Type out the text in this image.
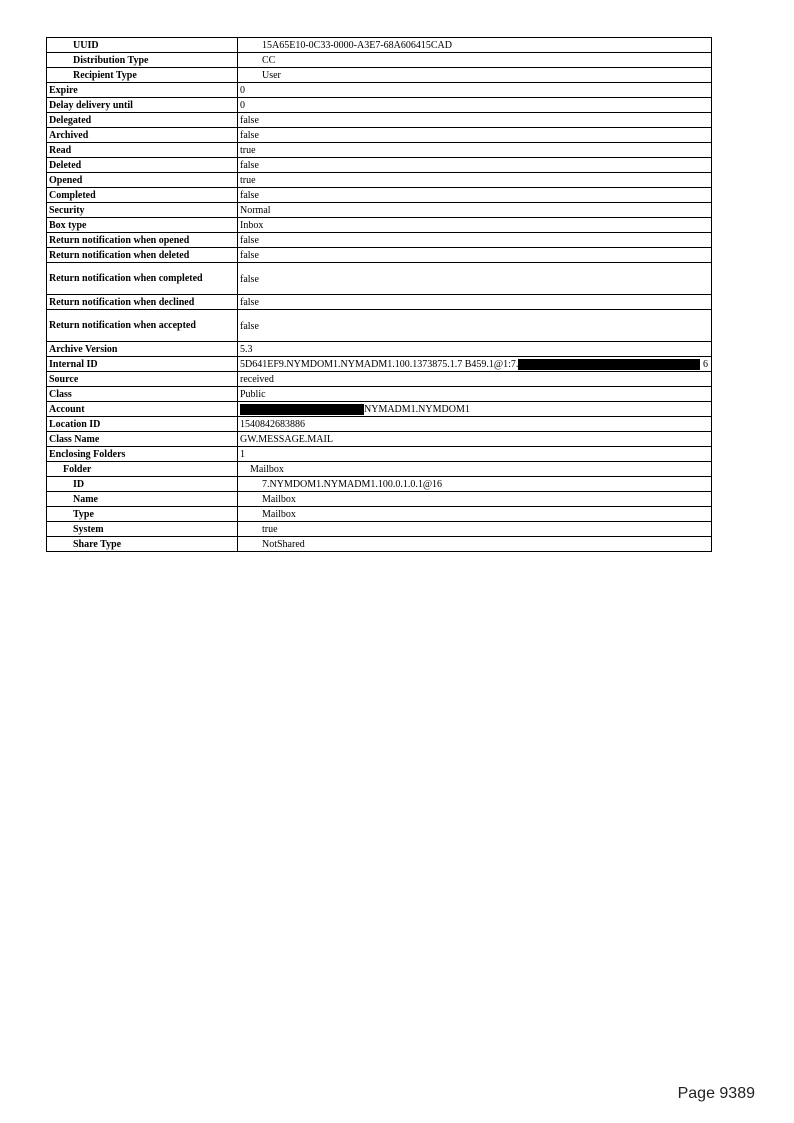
UUID	15A65E10-0C33-0000-A3E7-68A606415CAD
Distribution Type	CC
Recipient Type	User
Expire	0
Delay delivery until	0
Delegated	false
Archived	false
Read	true
Deleted	false
Opened	true
Completed	false
Security	Normal
Box type	Inbox
Return notification when opened	false
Return notification when deleted	false
Return notification when completed	false
Return notification when declined	false
Return notification when accepted	false
Archive Version	5.3
Internal ID	5D641EF9.NYMDOM1.NYMADM1.100.1373875.1.7 B459.1@1:7. 6

Source	received
Class	Public
Account	NYMADM1.NYMDOM1
Location ID	1540842683886
Class Name	GW.MESSAGE.MAIL
Enclosing Folders	1
Folder	Mailbox
ID	7.NYMDOM1.NYMADM1.100.0.1.0.1@16
Name	Mailbox
Type	Mailbox
System	true
Share Type	NotShared
Page 9389
